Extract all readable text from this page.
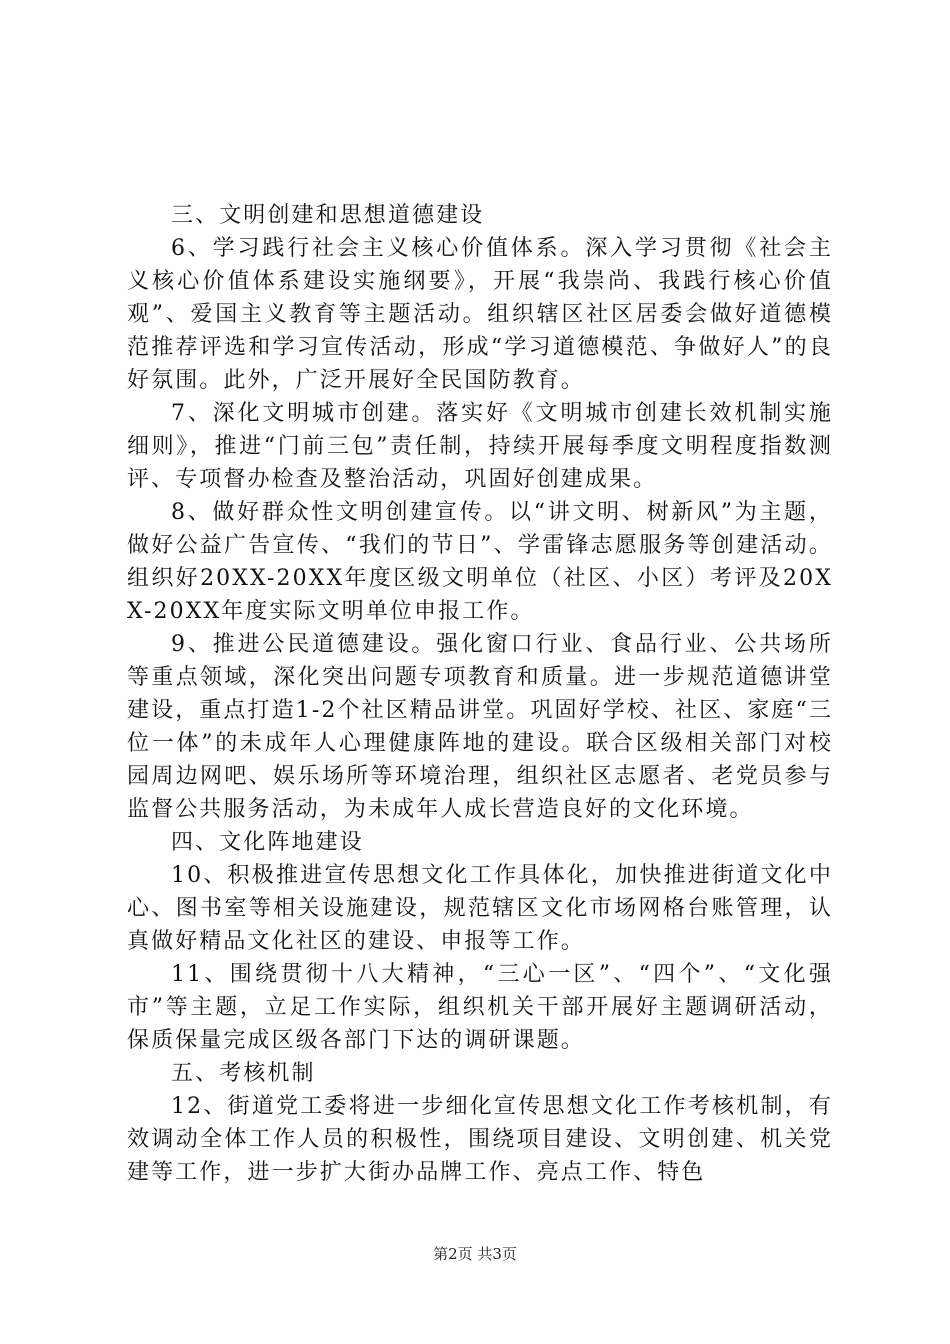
三、文明创建和思想道德建设

6、学习践行社会主义核心价值体系。深入学习贯彻《社会主义核心价值体系建设实施纲要》，开展“我崇尚、我践行核心价值观”、爱国主义教育等主题活动。组织辖区社区居委会做好道德模范推荐评选和学习宣传活动，形成“学习道德模范、争做好人”的良好氛围。此外，广泛开展好全民国防教育。

7、深化文明城市创建。落实好《文明城市创建长效机制实施细则》，推进“门前三包”责任制，持续开展每季度文明程度指数测评、专项督办检查及整治活动，巩固好创建成果。

8、做好群众性文明创建宣传。以“讲文明、树新风”为主题，做好公益广告宣传、“我们的节日”、学雷锋志愿服务等创建活动。组织好20XX-20XX年度区级文明单位（社区、小区）考评及20XX-20XX年度实际文明单位申报工作。

9、推进公民道德建设。强化窗口行业、食品行业、公共场所等重点领域，深化突出问题专项教育和质量。进一步规范道德讲堂建设，重点打造1-2个社区精品讲堂。巩固好学校、社区、家庭“三位一体”的未成年人心理健康阵地的建设。联合区级相关部门对校园周边网吧、娱乐场所等环境治理，组织社区志愿者、老党员参与监督公共服务活动，为未成年人成长营造良好的文化环境。

四、文化阵地建设

10、积极推进宣传思想文化工作具体化，加快推进街道文化中心、图书室等相关设施建设，规范辖区文化市场网格台账管理，认真做好精品文化社区的建设、申报等工作。

11、围绕贯彻十八大精神，“三心一区”、“四个”、“文化强市”等主题，立足工作实际，组织机关干部开展好主题调研活动，保质保量完成区级各部门下达的调研课题。

五、考核机制

12、街道党工委将进一步细化宣传思想文化工作考核机制，有效调动全体工作人员的积极性，围绕项目建设、文明创建、机关党建等工作，进一步扩大街办品牌工作、亮点工作、特色

第2页 共3页
